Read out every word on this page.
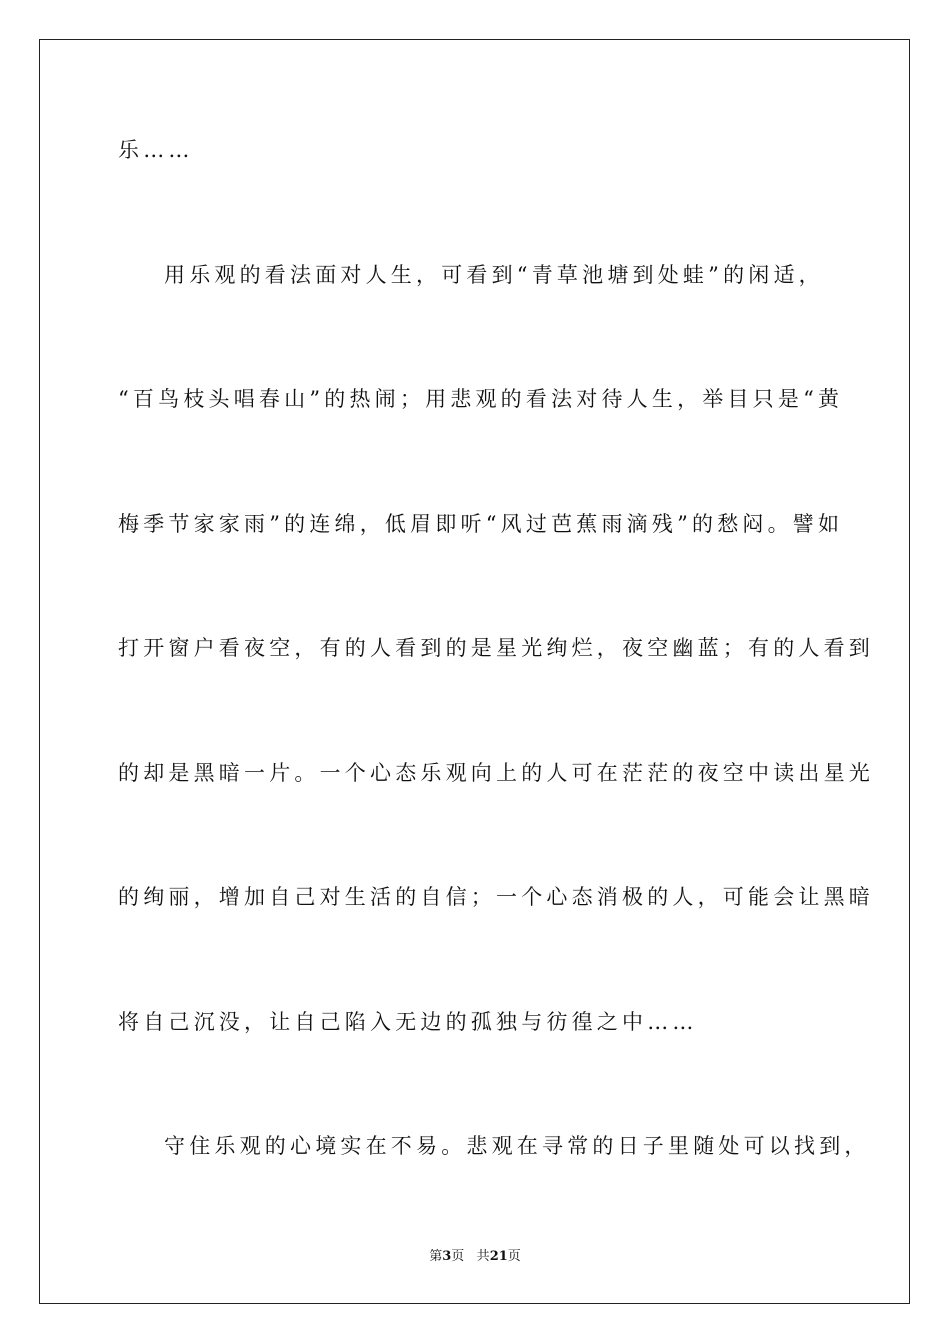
乐……
用乐观的看法面对人生，可看到“青草池塘到处蛙”的闲适，
“百鸟枝头唱春山”的热闹；用悲观的看法对待人生，举目只是“黄
梅季节家家雨”的连绵，低眉即听“风过芭蕉雨滴残”的愁闷。譬如
打开窗户看夜空，有的人看到的是星光绚烂，夜空幽蓝；有的人看到
的却是黑暗一片。一个心态乐观向上的人可在茫茫的夜空中读出星光
的绚丽，增加自己对生活的自信；一个心态消极的人，可能会让黑暗
将自己沉没，让自己陷入无边的孤独与彷徨之中……
守住乐观的心境实在不易。悲观在寻常的日子里随处可以找到，
第3页 共21页
